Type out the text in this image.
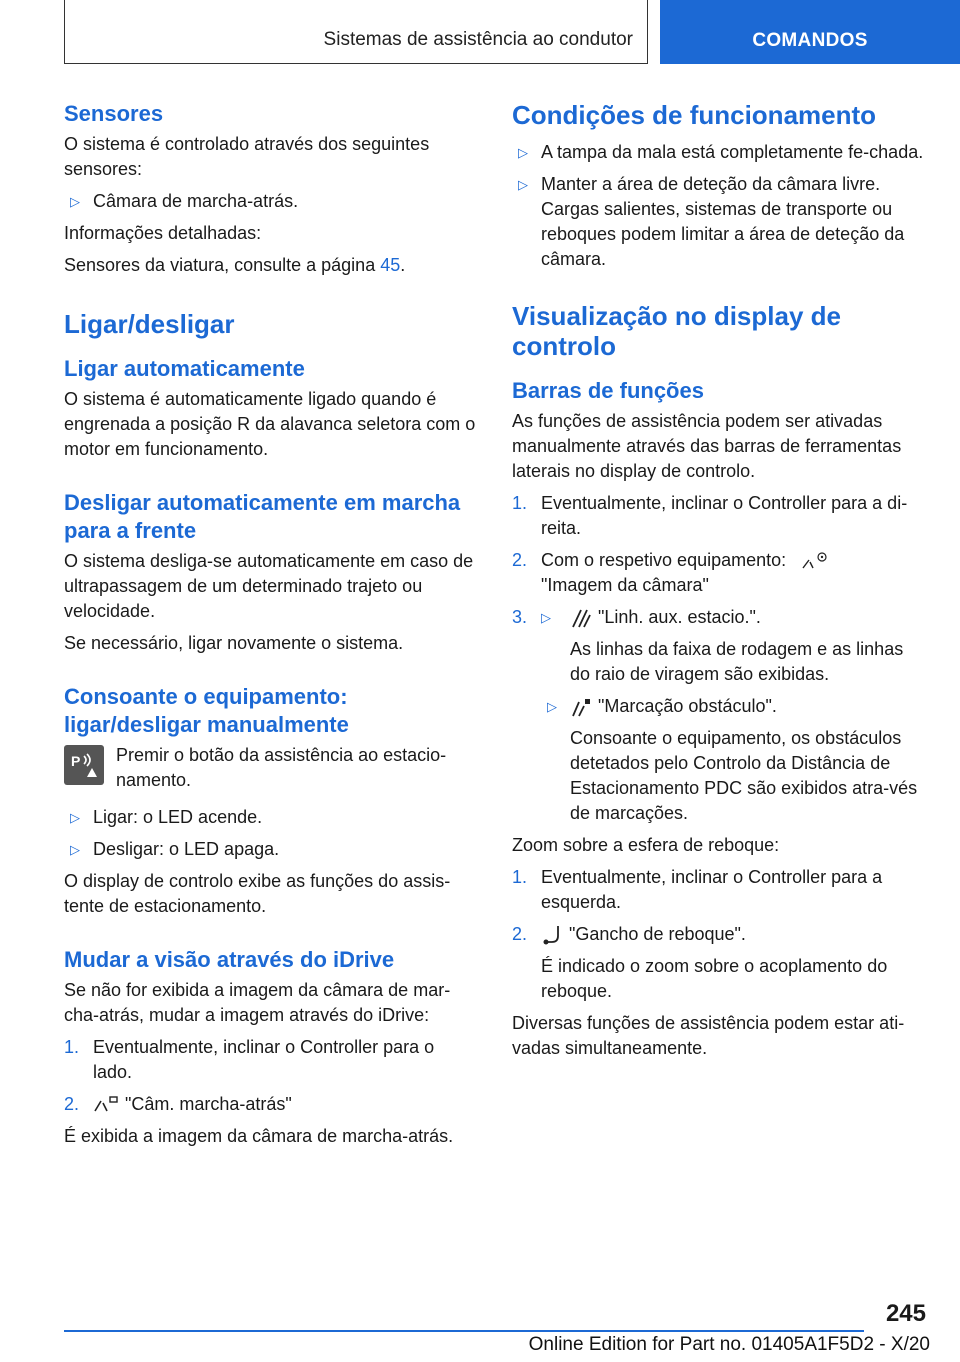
Sistemas de assistência ao condutor	COMANDOS
Sensores
O sistema é controlado através dos seguintes sensores:
▷ Câmara de marcha-atrás.
Informações detalhadas:
Sensores da viatura, consulte a página 45.
Ligar/desligar
Ligar automaticamente
O sistema é automaticamente ligado quando é engrenada a posição R da alavanca seletora com o motor em funcionamento.
Desligar automaticamente em marcha para a frente
O sistema desliga-se automaticamente em caso de ultrapassagem de um determinado trajeto ou velocidade.
Se necessário, ligar novamente o sistema.
Consoante o equipamento: ligar/desligar manualmente
P Premir o botão da assistência ao estacio-namento.
▷ Ligar: o LED acende.
▷ Desligar: o LED apaga.
O display de controlo exibe as funções do assis-tente de estacionamento.
Mudar a visão através do iDrive
Se não for exibida a imagem da câmara de mar-cha-atrás, mudar a imagem através do iDrive:
1. Eventualmente, inclinar o Controller para o lado.
2.	"Câm. marcha-atrás"
É exibida a imagem da câmara de marcha-atrás.
Condições de funcionamento
▷ A tampa da mala está completamente fe-chada.
▷ Manter a área de deteção da câmara livre. Cargas salientes, sistemas de transporte ou reboques podem limitar a área de deteção da câmara.
Visualização no display de controlo
Barras de funções
As funções de assistência podem ser ativadas manualmente através das barras de ferramentas laterais no display de controlo.
1. Eventualmente, inclinar o Controller para a di-reita.
2. Com o respetivo equipamento:
"Imagem da câmara"
3.	▷	"Linh. aux. estacio.".
As linhas da faixa de rodagem e as linhas do raio de viragem são exibidas.
▷	"Marcação obstáculo".
Consoante o equipamento, os obstáculos detetados pelo Controlo da Distância de Estacionamento PDC são exibidos atra-vés de marcações.
Zoom sobre a esfera de reboque:
1. Eventualmente, inclinar o Controller para a esquerda.
2.	"Gancho de reboque".
É indicado o zoom sobre o acoplamento do reboque.
Diversas funções de assistência podem estar ati-vadas simultaneamente.
245
Online Edition for Part no. 01405A1F5D2 - X/20
